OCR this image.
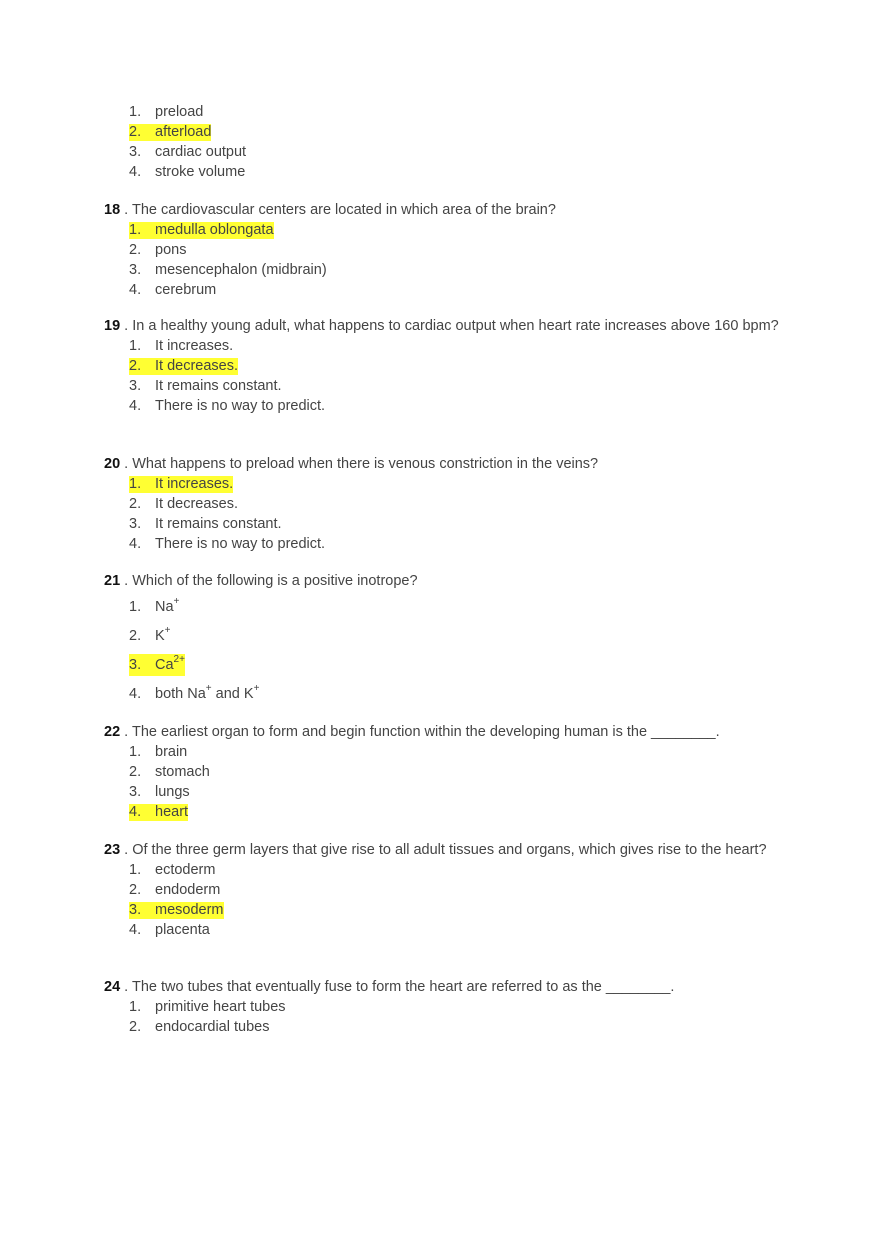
1. preload
2. afterload
3. cardiac output
4. stroke volume
18 . The cardiovascular centers are located in which area of the brain?
1. medulla oblongata
2. pons
3. mesencephalon (midbrain)
4. cerebrum
19 . In a healthy young adult, what happens to cardiac output when heart rate increases above 160 bpm?
1. It increases.
2. It decreases.
3. It remains constant.
4. There is no way to predict.
20 . What happens to preload when there is venous constriction in the veins?
1. It increases.
2. It decreases.
3. It remains constant.
4. There is no way to predict.
21 . Which of the following is a positive inotrope?
1. Na+
2. K+
3. $Ca^{2+}$
4. both Na+ and K+
22 . The earliest organ to form and begin function within the developing human is the ________.
1. brain
2. stomach
3. lungs
4. heart
23 . Of the three germ layers that give rise to all adult tissues and organs, which gives rise to the heart?
1. ectoderm
2. endoderm
3. mesoderm
4. placenta
24 . The two tubes that eventually fuse to form the heart are referred to as the ________.
1. primitive heart tubes
2. endocardial tubes
